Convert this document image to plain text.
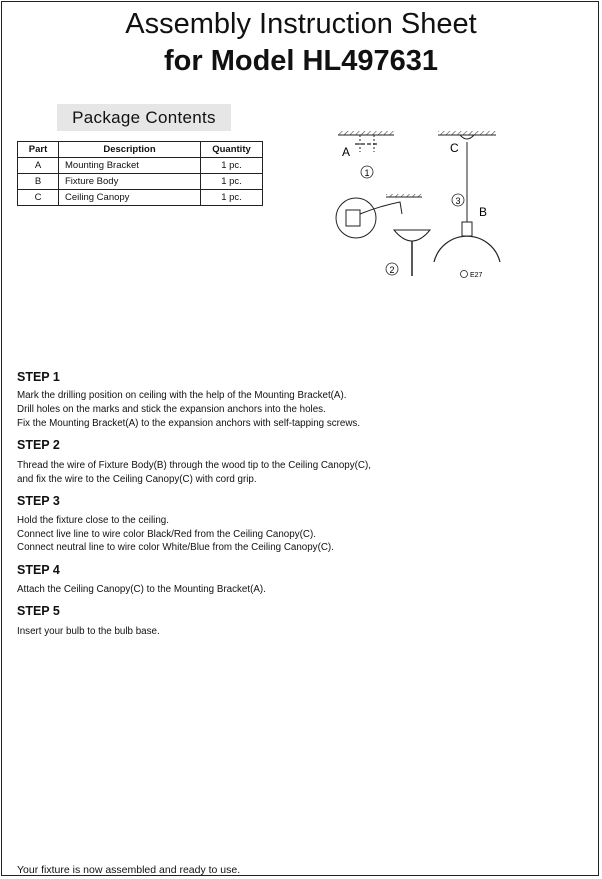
Assembly Instruction Sheet
for Model HL497631
Package Contents
Part	Description	Quantity
A	Mounting Bracket	1 pc.
B	Fixture Body	1 pc.
C	Ceiling Canopy	1 pc.
A
1
2
C
B
3
E27
STEP 1
Mark the drilling position on ceiling with the help of the Mounting Bracket(A).
Drill holes on the marks and stick the expansion anchors into the holes.
Fix the Mounting Bracket(A) to the expansion anchors with self-tapping screws.
STEP 2
Thread the wire of Fixture Body(B) through the wood tip to the Ceiling Canopy(C),
and fix the wire to the Ceiling Canopy(C) with cord grip.
STEP 3
Hold the fixture close to the ceiling.
Connect live line to wire color Black/Red from the Ceiling Canopy(C).
Connect neutral line to wire color White/Blue from the Ceiling Canopy(C).
STEP 4
Attach the Ceiling Canopy(C) to the Mounting Bracket(A).
STEP 5
Insert your bulb to the bulb base.
Your fixture is now assembled and ready to use.
